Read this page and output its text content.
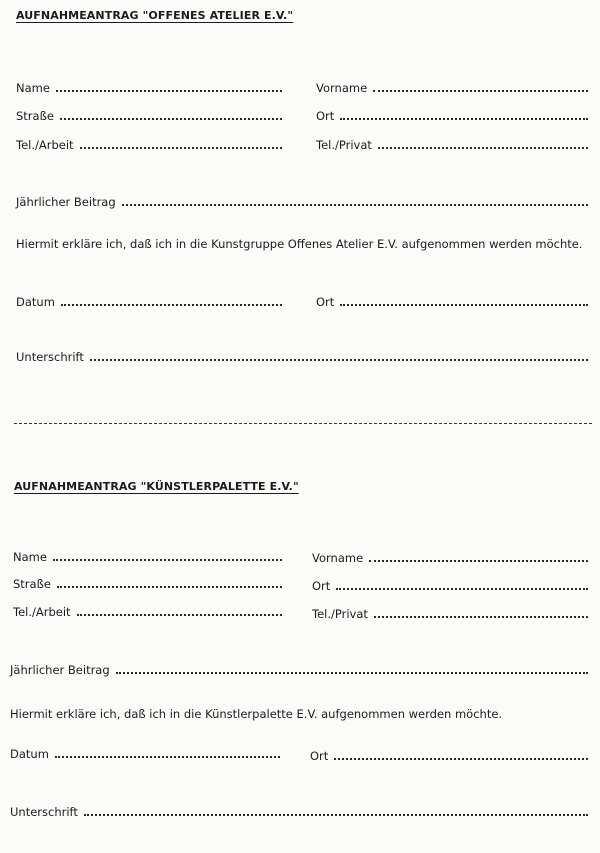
AUFNAHMEANTRAG "OFFENES ATELIER E.V."
Name	Vorname
Straße	Ort
Tel./Arbeit	Tel./Privat
Jährlicher Beitrag
Hiermit erkläre ich, daß ich in die Kunstgruppe Offenes Atelier E.V. aufgenommen werden möchte.
Datum	Ort
Unterschrift
AUFNAHMEANTRAG "KÜNSTLERPALETTE E.V."
Name	Vorname
Straße	Ort
Tel./Arbeit	Tel./Privat
Jährlicher Beitrag
Hiermit erkläre ich, daß ich in die Künstlerpalette E.V. aufgenommen werden möchte.
Datum	Ort
Unterschrift
